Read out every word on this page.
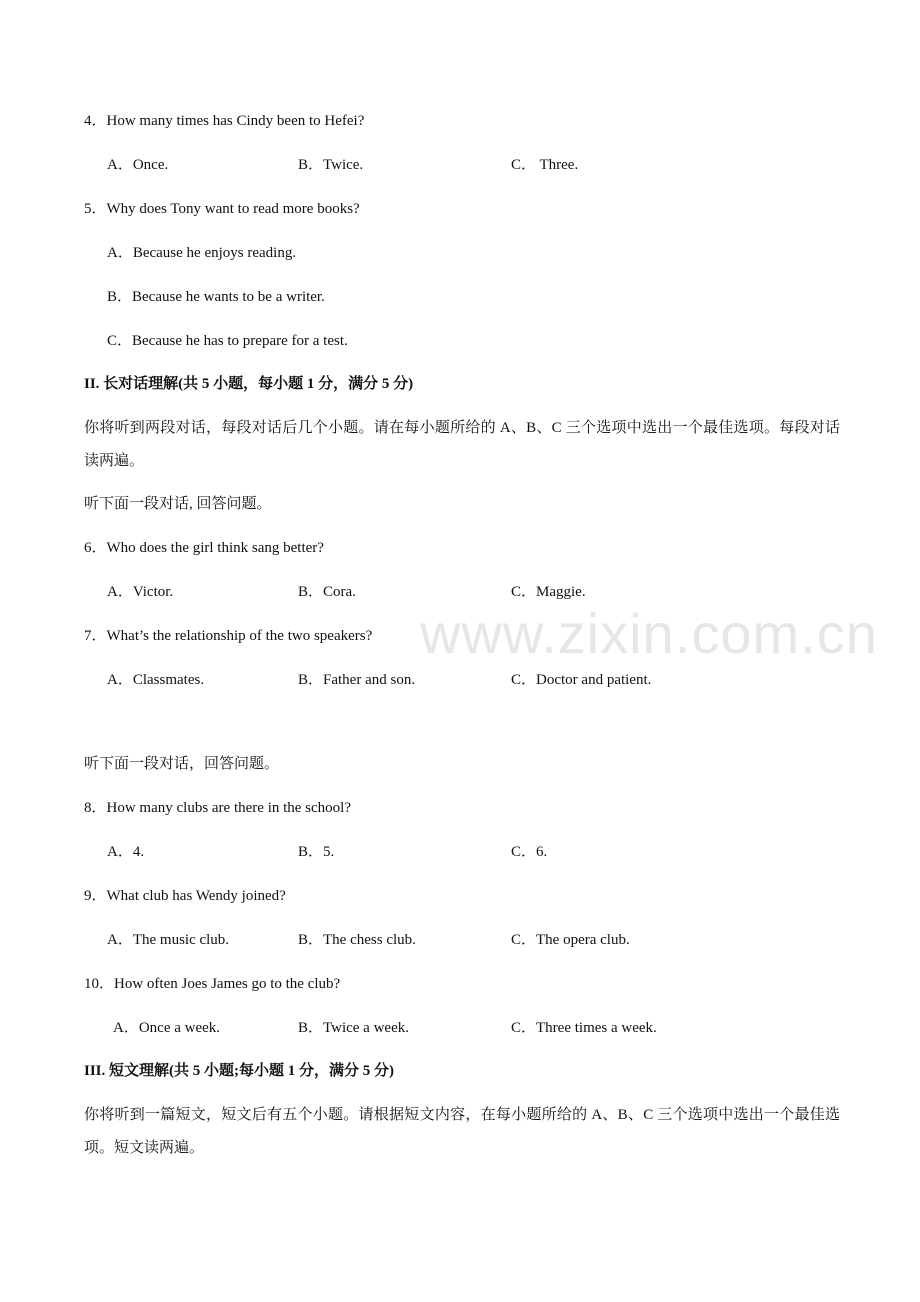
www.zixin.com.cn
4．How many times has Cindy been to Hefei?
A．Once.	B．Twice.	C． Three.
5．Why does Tony want to read more books?
A．Because he enjoys reading.
B．Because he wants to be a writer.
C．Because he has to prepare for a test.
II. 长对话理解(共 5 小题，每小题 1 分，满分 5 分)
你将听到两段对话，每段对话后几个小题。请在每小题所给的 A、B、C 三个选项中选出一个最佳选项。每段对话读两遍。
听下面一段对话, 回答问题。
6．Who does the girl think sang better?
A．Victor.	B．Cora.	C．Maggie.
7．What’s the relationship of the two speakers?
A．Classmates.	B．Father and son.	C．Doctor and patient.
听下面一段对话，回答问题。
8．How many clubs are there in the school?
A．4.	B．5.	C．6.
9．What club has Wendy joined?
A．The music club.	B．The chess club.	C．The opera club.
10．How often Joes James go to the club?
A．Once a week.	B．Twice a week.	C．Three times a week.
III. 短文理解(共 5 小题;每小题 1 分，满分 5 分)
你将听到一篇短文，短文后有五个小题。请根据短文内容，在每小题所给的 A、B、C 三个选项中选出一个最佳选项。短文读两遍。
